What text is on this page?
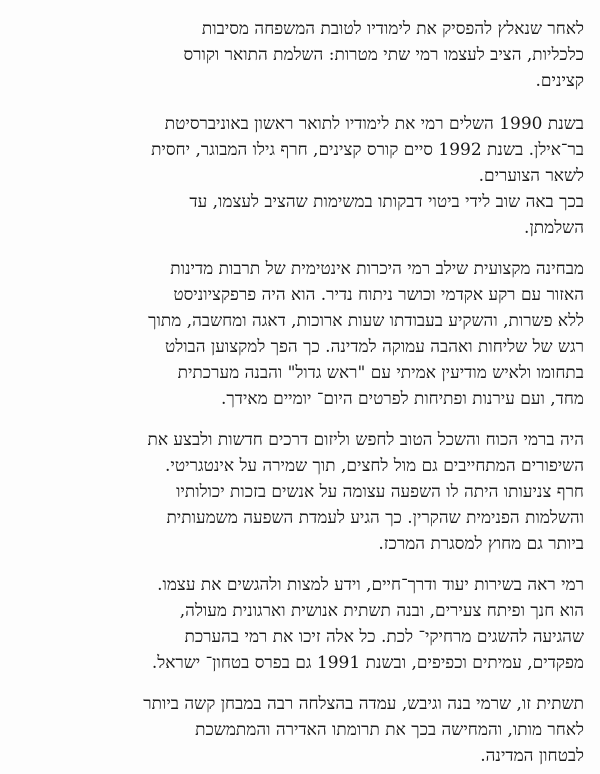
לאחר שנאלץ להפסיק את לימודיו לטובת המשפחה מסיבות
כלכליות, הציב לעצמו רמי שתי מטרות: השלמת התואר וקורס
קצינים.
בשנת 1990 השלים רמי את לימודיו לתואר ראשון באוניברסיטת
בר־אילן. בשנת 1992 סיים קורס קצינים, חרף גילו המבוגר, יחסית
לשאר הצוערים.
בכך באה שוב לידי ביטוי דבקותו במשימות שהציב לעצמו, עד
השלמתן.
מבחינה מקצועית שילב רמי היכרות אינטימית של תרבות מדינות
האזור עם רקע אקדמי וכושר ניתוח נדיר. הוא היה פרפקציוניסט
ללא פשרות, והשקיע בעבודתו שעות ארוכות, דאגה ומחשבה, מתוך
רגש של שליחות ואהבה עמוקה למדינה. כך הפך למקצוען הבולט
בתחומו ולאיש מודיעין אמיתי עם "ראש גדול" והבנה מערכתית
מחד, ועם עירנות ופתיחות לפרטים היום־ יומיים מאידך.
היה ברמי הכוח והשכל הטוב לחפש וליזום דרכים חדשות ולבצע את
השיפורים המתחייבים גם מול לחצים, תוך שמירה על אינטגריטי.
חרף צניעותו היתה לו השפעה עצומה על אנשים בזכות יכולותיו
והשלמות הפנימית שהקרין. כך הגיע לעמדת השפעה משמעותית
ביותר גם מחוץ למסגרת המרכז.
רמי ראה בשירות יעוד ודרך־חיים, וידע למצות ולהגשים את עצמו.
הוא חנך ופיתח צעירים, ובנה תשתית אנושית וארגונית מעולה,
שהגיעה להשגים מרחיקי־ לכת. כל אלה זיכו את רמי בהערכת
מפקדים, עמיתים וכפיפים, ובשנת 1991 גם בפרס בטחון־ ישראל.
תשתית זו, שרמי בנה וגיבש, עמדה בהצלחה רבה במבחן קשה ביותר
לאחר מותו, והמחישה בכך את תרומתו האדירה והמתמשכת
לבטחון המדינה.
